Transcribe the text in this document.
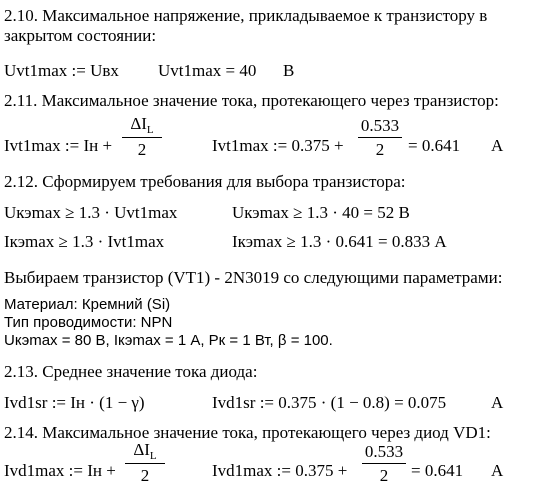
2.10. Максимальное напряжение, прикладываемое к транзистору в
закрытом состоянии:
Uvt1max := Uвх Uvt1max = 40 В
2.11. Максимальное значение тока, протекающего через транзистор:
Ivt1max := Iн +
$\Delta I_L$
2	Ivt1max := 0.375 +
0.533
2	= 0.641 А
2.12. Сформируем требования для выбора транзистора:
Uкэmax ≥ 1.3 · Uvt1max	Uкэmax ≥ 1.3 · 40 = 52 В
Iкэmax ≥ 1.3 · Ivt1max	Iкэmax ≥ 1.3 · 0.641 = 0.833 А
Выбираем транзистор (VT1) - 2N3019 со следующими параметрами:
Материал: Кремний (Si)
Тип проводимости: NPN
Uкэmax = 80 В, Iкэmax = 1 А, Рк = 1 Вт, β = 100.
2.13. Среднее значение тока диода:
Ivd1sr := Iн · (1 − γ)	Ivd1sr := 0.375 · (1 − 0.8) = 0.075	А
2.14. Максимальное значение тока, протекающего через диод VD1:
Ivd1max := Iн +
$\Delta I_L$
2	Ivd1max := 0.375 +
0.533
2	= 0.641 А
